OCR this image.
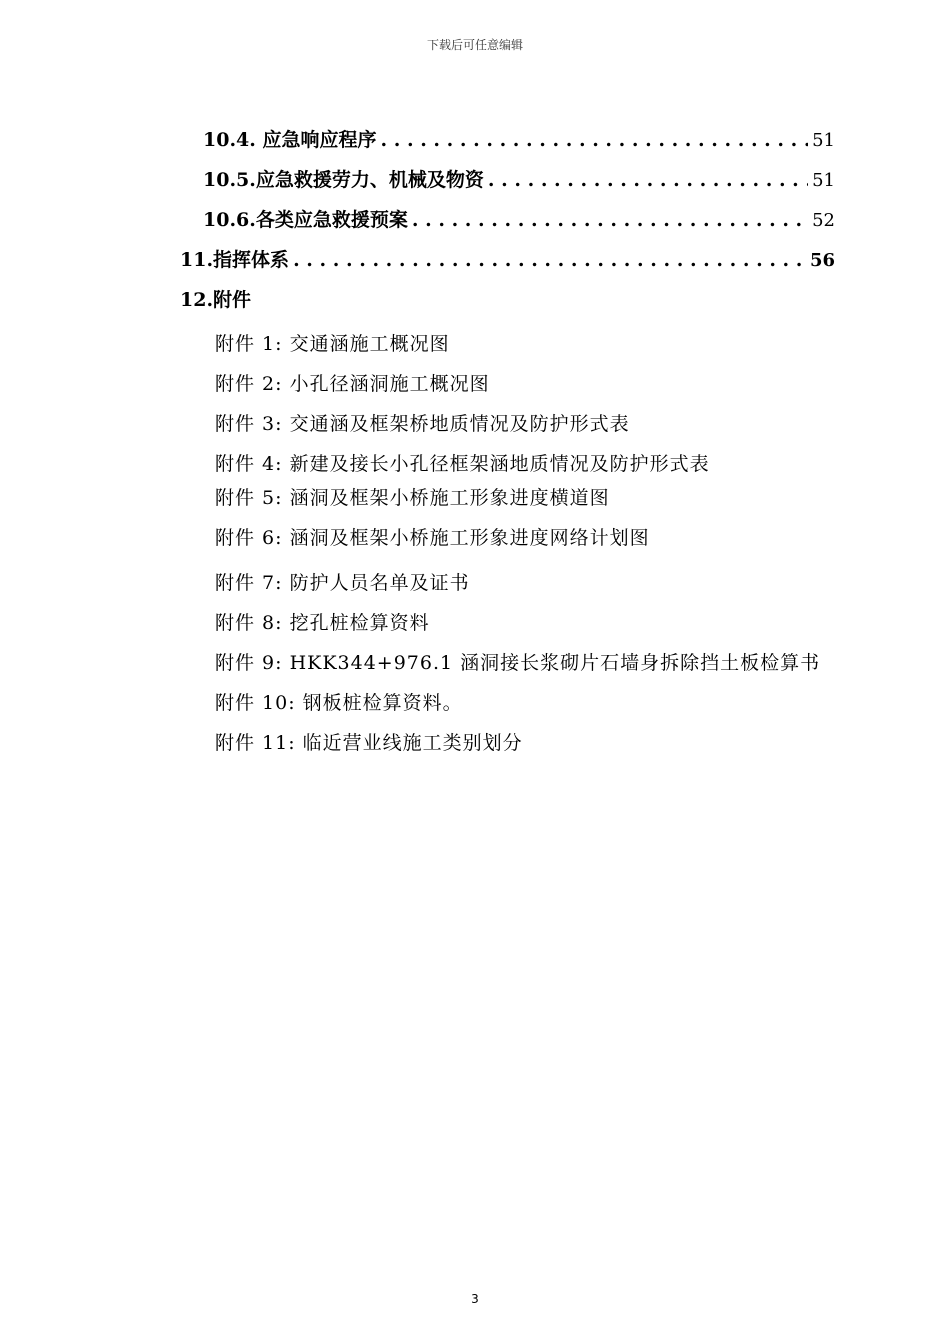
下载后可任意编辑
10.4. 应急响应程序 . . .	51
10.5.应急救援劳力、机械及物资 . . .	51
10.6.各类应急救援预案 . . .	52
11.指挥体系 . . .	56
12.附件
附件 1: 交通涵施工概况图
附件 2: 小孔径涵洞施工概况图
附件 3: 交通涵及框架桥地质情况及防护形式表
附件 4: 新建及接长小孔径框架涵地质情况及防护形式表
附件 5: 涵洞及框架小桥施工形象进度横道图
附件 6: 涵洞及框架小桥施工形象进度网络计划图
附件 7: 防护人员名单及证书
附件 8: 挖孔桩检算资料
附件 9: HKK344+976.1 涵洞接长浆砌片石墙身拆除挡土板检算书
附件 10: 钢板桩检算资料。
附件 11: 临近营业线施工类别划分
3
